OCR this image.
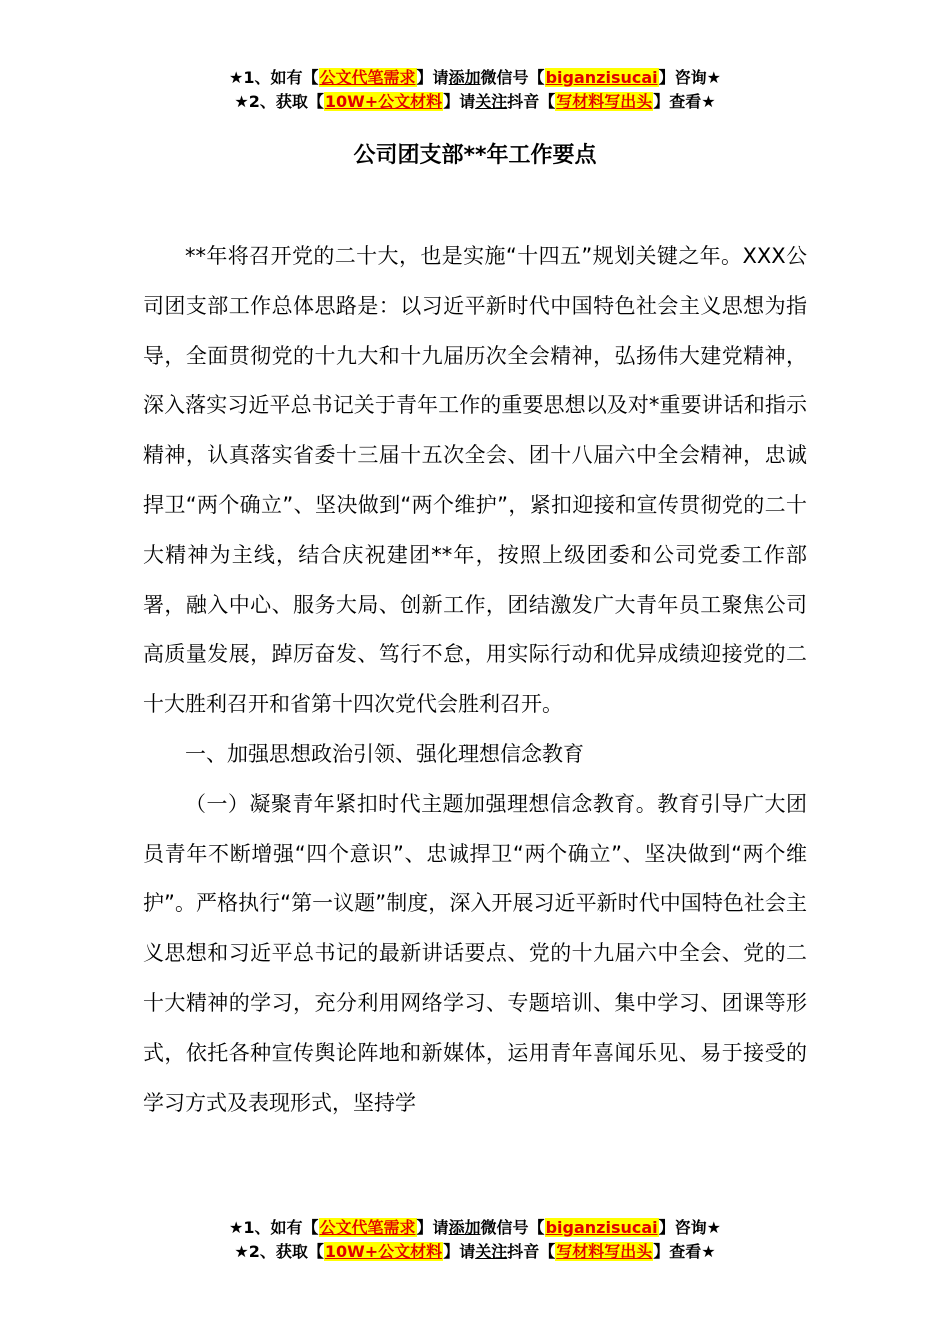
★1、如有【公文代笔需求】请添加微信号【biganzisucai】咨询★
★2、获取【10W+公文材料】请关注抖音【写材料写出头】查看★
公司团支部**年工作要点

**年将召开党的二十大，也是实施“十四五”规划关键之年。XXX公司团支部工作总体思路是：以习近平新时代中国特色社会主义思想为指导，全面贯彻党的十九大和十九届历次全会精神，弘扬伟大建党精神，深入落实习近平总书记关于青年工作的重要思想以及对*重要讲话和指示精神，认真落实省委十三届十五次全会、团十八届六中全会精神，忠诚捍卫“两个确立”、坚决做到“两个维护”，紧扣迎接和宣传贯彻党的二十大精神为主线，结合庆祝建团**年，按照上级团委和公司党委工作部署，融入中心、服务大局、创新工作，团结激发广大青年员工聚焦公司高质量发展，踔厉奋发、笃行不怠，用实际行动和优异成绩迎接党的二十大胜利召开和省第十四次党代会胜利召开。

一、加强思想政治引领、强化理想信念教育

（一）凝聚青年紧扣时代主题加强理想信念教育。教育引导广大团员青年不断增强“四个意识”、忠诚捍卫“两个确立”、坚决做到“两个维护”。严格执行“第一议题”制度，深入开展习近平新时代中国特色社会主义思想和习近平总书记的最新讲话要点、党的十九届六中全会、党的二十大精神的学习，充分利用网络学习、专题培训、集中学习、团课等形式，依托各种宣传舆论阵地和新媒体，运用青年喜闻乐见、易于接受的学习方式及表现形式，坚持学

★1、如有【公文代笔需求】请添加微信号【biganzisucai】咨询★
★2、获取【10W+公文材料】请关注抖音【写材料写出头】查看★
